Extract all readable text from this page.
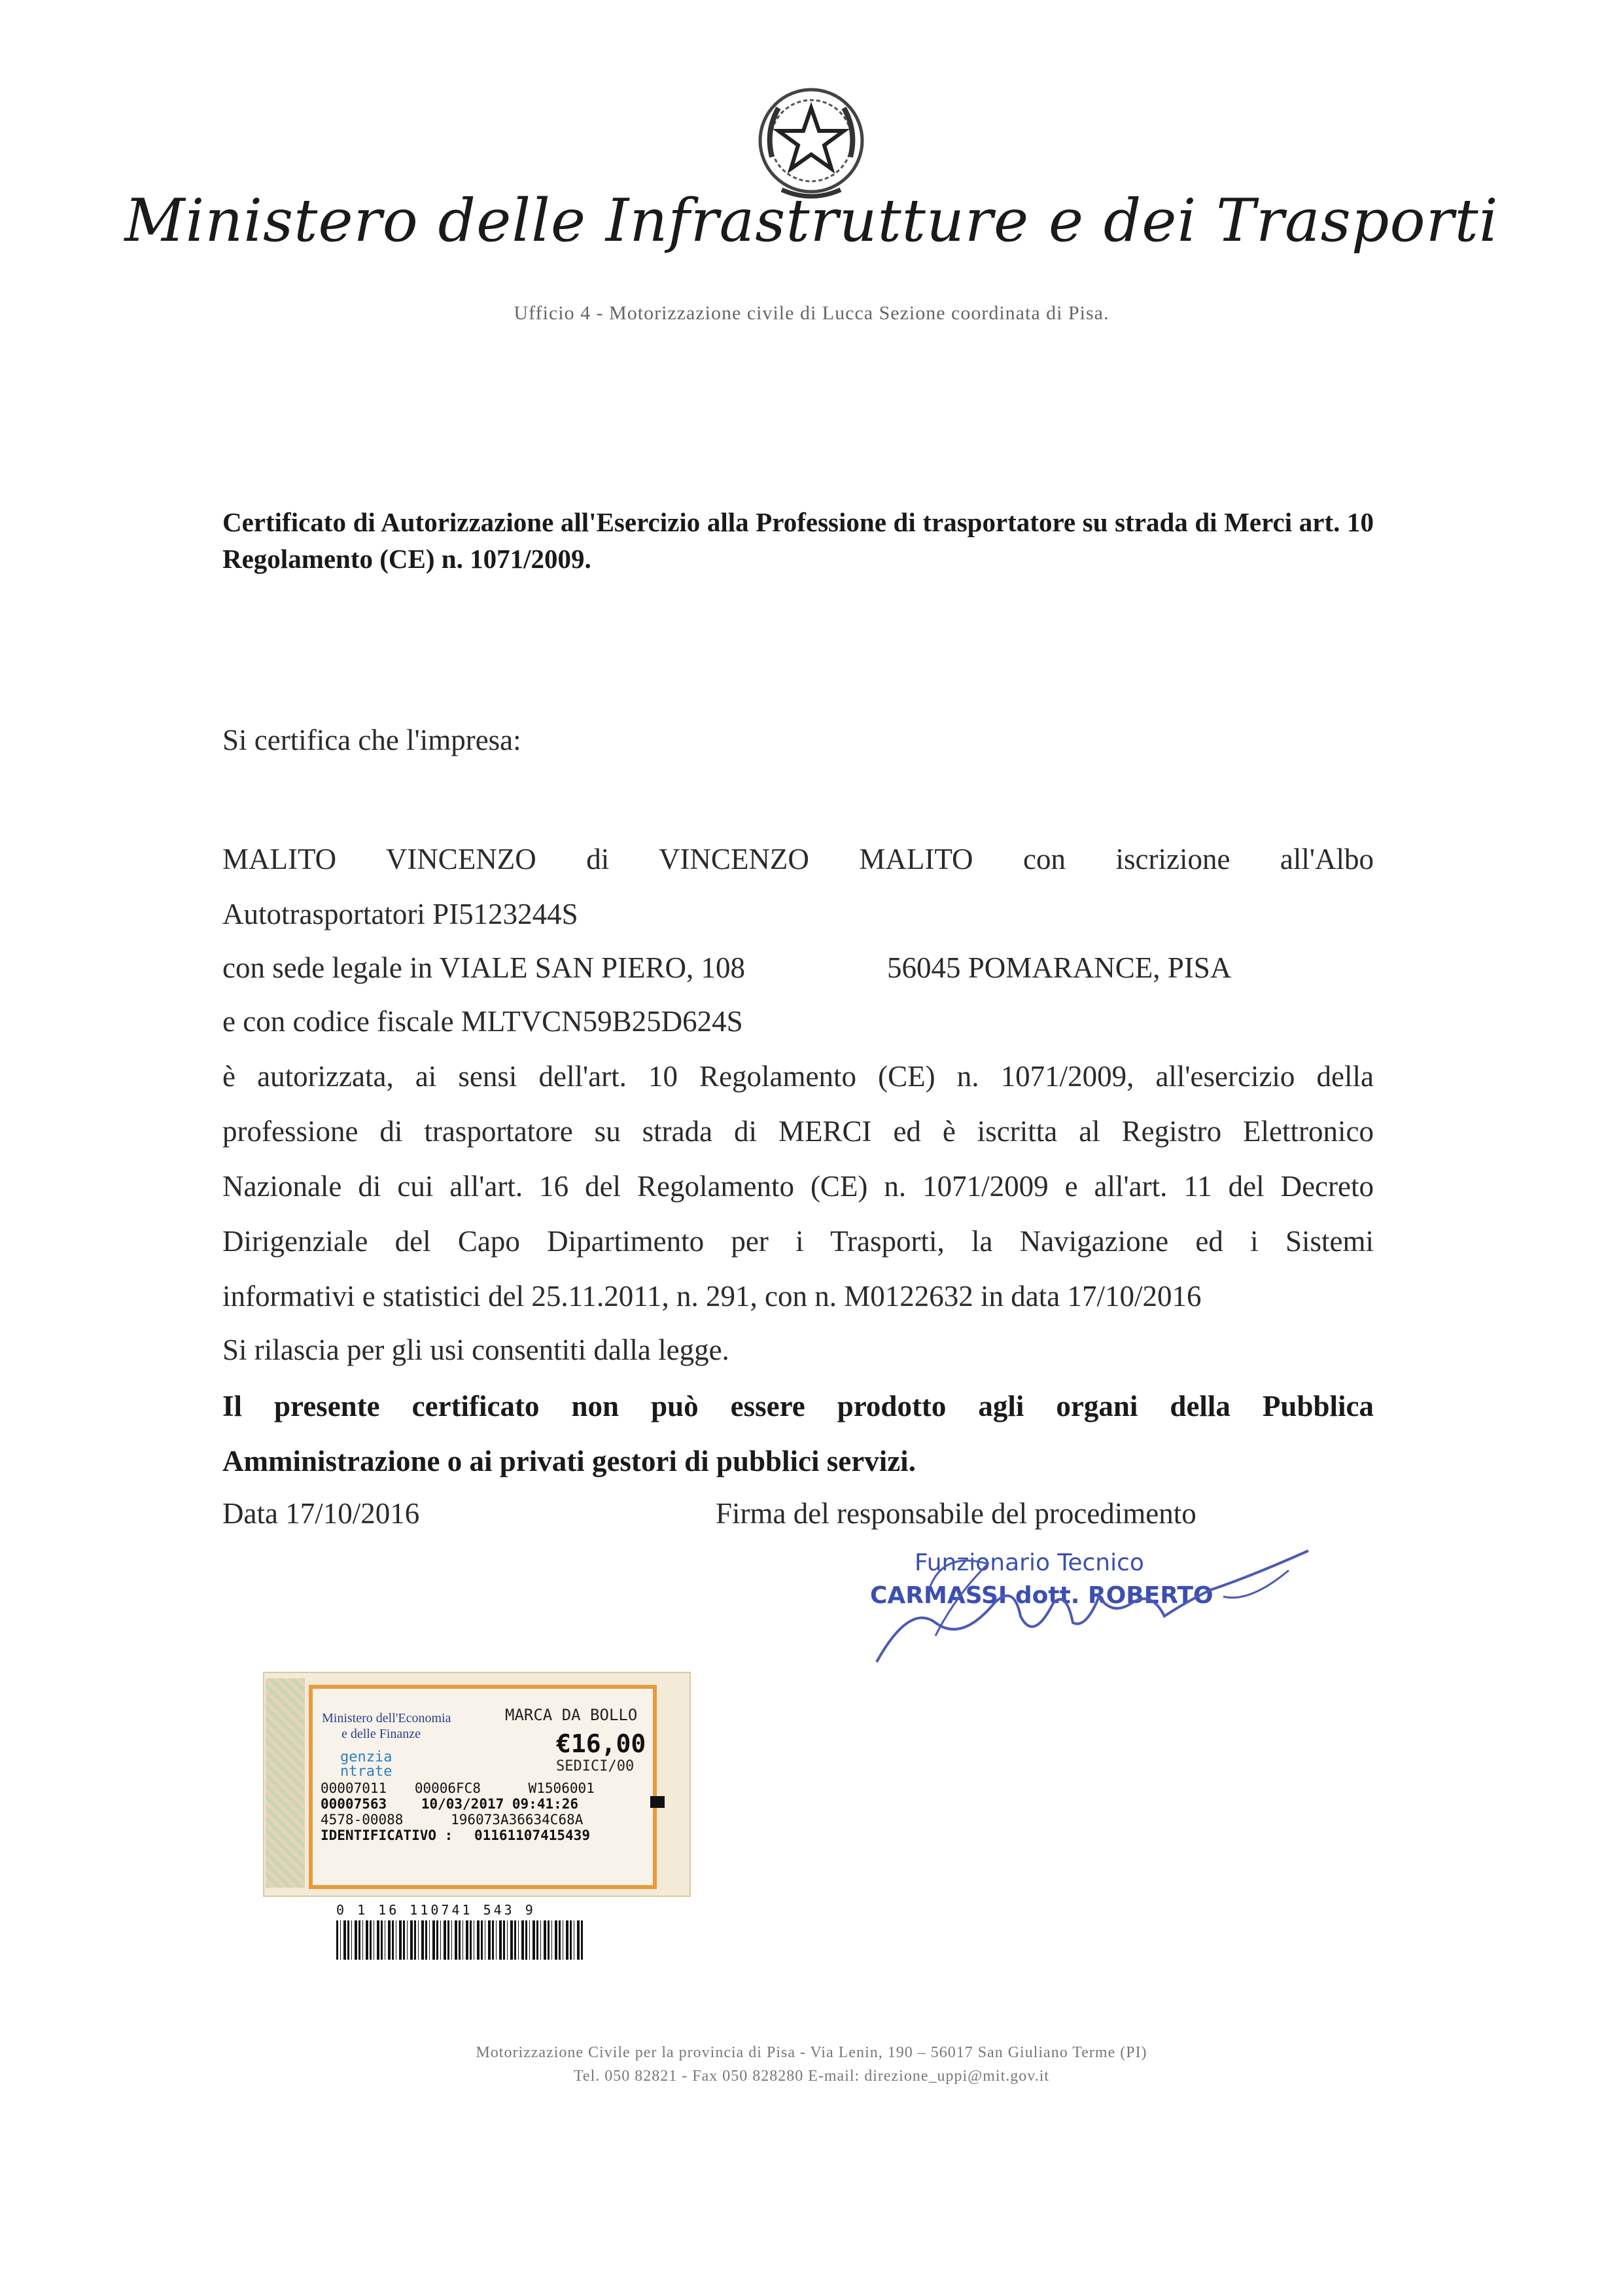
Ministero delle Infrastrutture e dei Trasporti
Ufficio 4 - Motorizzazione civile di Lucca Sezione coordinata di Pisa.
Certificato di Autorizzazione all'Esercizio alla Professione di trasportatore su strada di Merci art. 10 Regolamento (CE) n. 1071/2009.
Si certifica che l'impresa:
MALITO VINCENZO di VINCENZO MALITO con iscrizione all'Albo
Autotrasportatori PI5123244S
con sede legale in VIALE SAN PIERO, 108	56045 POMARANCE, PISA
e con codice fiscale MLTVCN59B25D624S
è autorizzata, ai sensi dell'art. 10 Regolamento (CE) n. 1071/2009, all'esercizio della
professione di trasportatore su strada di MERCI ed è iscritta al Registro Elettronico
Nazionale di cui all'art. 16 del Regolamento (CE) n. 1071/2009 e all'art. 11 del Decreto
Dirigenziale del Capo Dipartimento per i Trasporti, la Navigazione ed i Sistemi
informativi e statistici del 25.11.2011, n. 291, con n. M0122632 in data 17/10/2016
Si rilascia per gli usi consentiti dalla legge.
Il presente certificato non può essere prodotto agli organi della Pubblica
Amministrazione o ai privati gestori di pubblici servizi.
Data 17/10/2016	Firma del responsabile del procedimento
Funzionario Tecnico
CARMASSI dott. ROBERTO
Ministero dell'Economia
e delle Finanze
MARCA DA BOLLO
€16,00
SEDICI/00
genzia
ntrate
00007011 00006FC8	W1506001
00007563	10/03/2017 09:41:26
4578-00088	196073A36634C68A
IDENTIFICATIVO : 01161107415439
0 1 16 110741 543 9
Motorizzazione Civile per la provincia di Pisa - Via Lenin, 190 – 56017 San Giuliano Terme (PI)
Tel. 050 82821 - Fax 050 828280 E-mail: direzione_uppi@mit.gov.it
